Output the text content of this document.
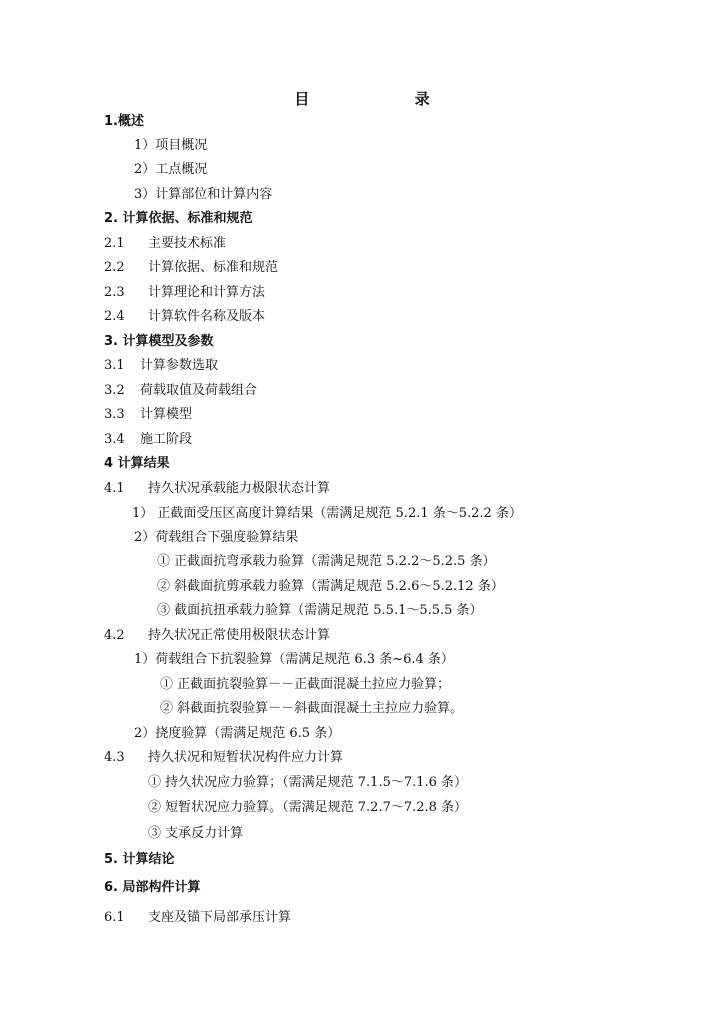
目 录
1.概述
1）项目概况
2）工点概况
3）计算部位和计算内容
2. 计算依据、标准和规范
2.1 主要技术标准
2.2 计算依据、标准和规范
2.3 计算理论和计算方法
2.4 计算软件名称及版本
3. 计算模型及参数
3.1 计算参数选取
3.2 荷载取值及荷载组合
3.3 计算模型
3.4 施工阶段
4 计算结果
4.1 持久状况承载能力极限状态计算
1） 正截面受压区高度计算结果（需满足规范 5.2.1 条～5.2.2 条）
2）荷载组合下强度验算结果
① 正截面抗弯承载力验算（需满足规范 5.2.2～5.2.5 条）
② 斜截面抗剪承载力验算（需满足规范 5.2.6～5.2.12 条）
③ 截面抗扭承载力验算（需满足规范 5.5.1～5.5.5 条）
4.2 持久状况正常使用极限状态计算
1）荷载组合下抗裂验算（需满足规范 6.3 条~6.4 条）
① 正截面抗裂验算－－正截面混凝土拉应力验算；
② 斜截面抗裂验算－－斜截面混凝土主拉应力验算。
2）挠度验算（需满足规范 6.5 条）
4.3 持久状况和短暂状况构件应力计算
① 持久状况应力验算；（需满足规范 7.1.5～7.1.6 条）
② 短暂状况应力验算。（需满足规范 7.2.7～7.2.8 条）
③ 支承反力计算
5. 计算结论
6. 局部构件计算
6.1 支座及锚下局部承压计算
